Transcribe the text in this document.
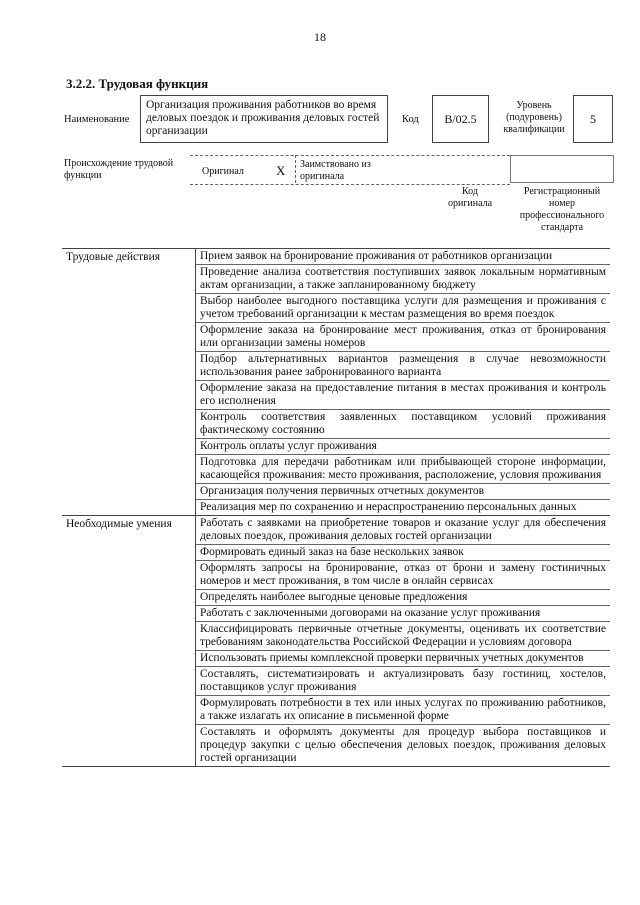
18
3.2.2. Трудовая функция
Наименование
Организация проживания работников во время деловых поездок и проживания деловых гостей организации
Код	B/02.5
Уровень (подуровень) квалификации
5
Происхождение трудовой функции	Оригинал X Заимствовано из оригинала
Код оригинала
Регистрационный номер профессионального стандарта
Трудовые действия	Прием заявок на бронирование проживания от работников организации
Проведение анализа соответствия поступивших заявок локальным нормативным актам организации, а также запланированному бюджету
Выбор наиболее выгодного поставщика услуги для размещения и проживания с учетом требований организации к местам размещения во время поездок
Оформление заказа на бронирование мест проживания, отказ от бронирования или организации замены номеров
Подбор альтернативных вариантов размещения в случае невозможности использования ранее забронированного варианта
Оформление заказа на предоставление питания в местах проживания и контроль его исполнения
Контроль соответствия заявленных поставщиком условий проживания фактическому состоянию
Контроль оплаты услуг проживания
Подготовка для передачи работникам или прибывающей стороне информации, касающейся проживания: место проживания, расположение, условия проживания
Организация получения первичных отчетных документов
Реализация мер по сохранению и нераспространению персональных данных
Необходимые умения	Работать с заявками на приобретение товаров и оказание услуг для обеспечения деловых поездок, проживания деловых гостей организации
Формировать единый заказ на базе нескольких заявок
Оформлять запросы на бронирование, отказ от брони и замену гостиничных номеров и мест проживания, в том числе в онлайн сервисах
Определять наиболее выгодные ценовые предложения
Работать с заключенными договорами на оказание услуг проживания
Классифицировать первичные отчетные документы, оценивать их соответствие требованиям законодательства Российской Федерации и условиям договора
Использовать приемы комплексной проверки первичных учетных документов
Составлять, систематизировать и актуализировать базу гостиниц, хостелов, поставщиков услуг проживания
Формулировать потребности в тех или иных услугах по проживанию работников, а также излагать их описание в письменной форме
Составлять и оформлять документы для процедур выбора поставщиков и процедур закупки с целью обеспечения деловых поездок, проживания деловых гостей организации
